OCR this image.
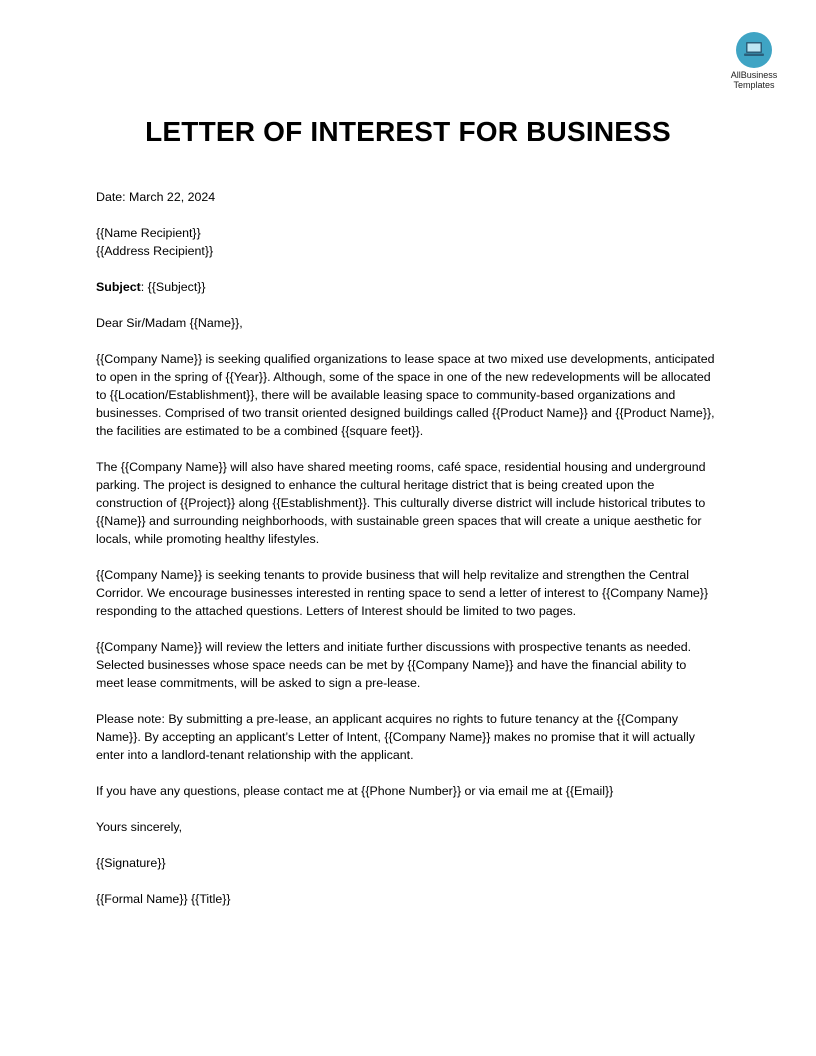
AllBusiness
Templates
LETTER OF INTEREST FOR BUSINESS

Date: March 22, 2024

{{Name Recipient}}
{{Address Recipient}}

Subject: {{Subject}}

Dear Sir/Madam {{Name}},

{{Company Name}} is seeking qualified organizations to lease space at two mixed use developments, anticipated to open in the spring of {{Year}}. Although, some of the space in one of the new redevelopments will be allocated to {{Location/Establishment}}, there will be available leasing space to community-based organizations and businesses. Comprised of two transit oriented designed buildings called {{Product Name}} and {{Product Name}}, the facilities are estimated to be a combined {{square feet}}.

The {{Company Name}} will also have shared meeting rooms, café space, residential housing and underground parking. The project is designed to enhance the cultural heritage district that is being created upon the construction of {{Project}} along {{Establishment}}. This culturally diverse district will include historical tributes to {{Name}} and surrounding neighborhoods, with sustainable green spaces that will create a unique aesthetic for locals, while promoting healthy lifestyles.

{{Company Name}} is seeking tenants to provide business that will help revitalize and strengthen the Central Corridor. We encourage businesses interested in renting space to send a letter of interest to {{Company Name}} responding to the attached questions. Letters of Interest should be limited to two pages.

{{Company Name}} will review the letters and initiate further discussions with prospective tenants as needed. Selected businesses whose space needs can be met by {{Company Name}} and have the financial ability to meet lease commitments, will be asked to sign a pre-lease.

Please note: By submitting a pre-lease, an applicant acquires no rights to future tenancy at the {{Company Name}}. By accepting an applicant’s Letter of Intent, {{Company Name}} makes no promise that it will actually enter into a landlord-tenant relationship with the applicant.

If you have any questions, please contact me at {{Phone Number}} or via email me at {{Email}}

Yours sincerely,

{{Signature}}

{{Formal Name}} {{Title}}
